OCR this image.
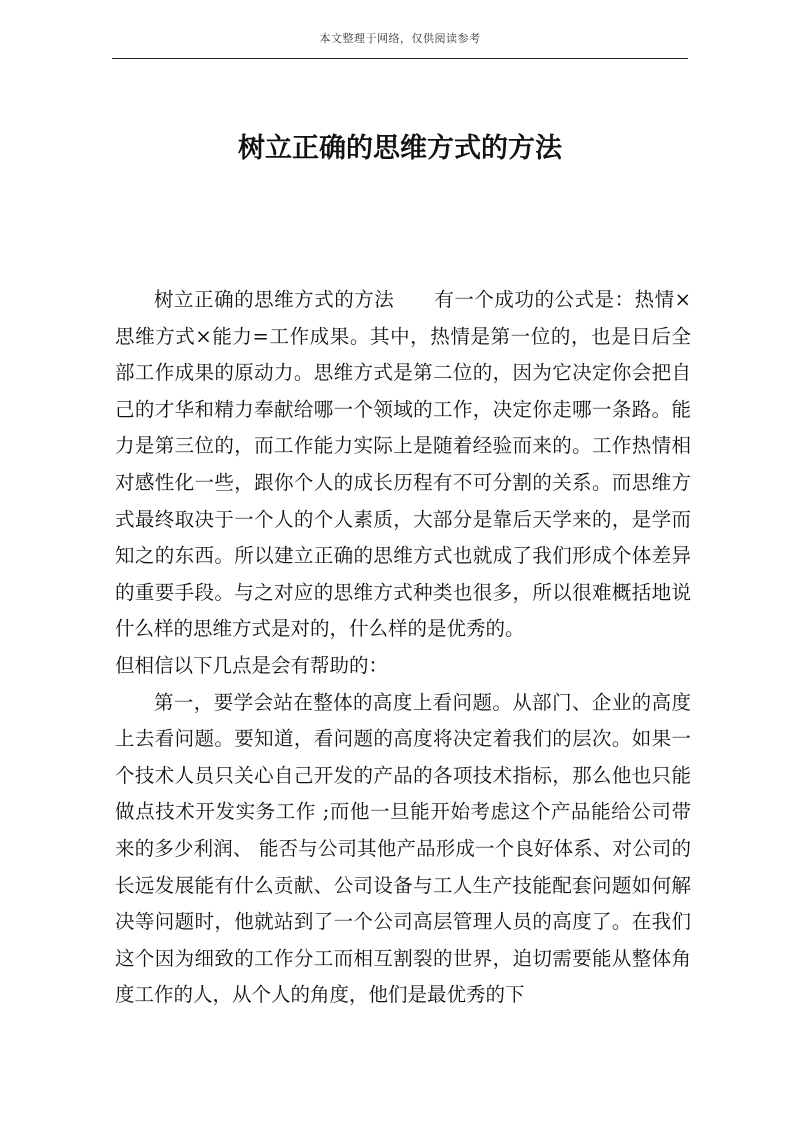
本文整理于网络，仅供阅读参考
树立正确的思维方式的方法

树立正确的思维方式的方法　　有一个成功的公式是：热情×思维方式×能力=工作成果。其中，热情是第一位的，也是日后全部工作成果的原动力。思维方式是第二位的，因为它决定你会把自己的才华和精力奉献给哪一个领域的工作，决定你走哪一条路。能力是第三位的，而工作能力实际上是随着经验而来的。工作热情相对感性化一些，跟你个人的成长历程有不可分割的关系。而思维方式最终取决于一个人的个人素质，大部分是靠后天学来的，是学而知之的东西。所以建立正确的思维方式也就成了我们形成个体差异的重要手段。与之对应的思维方式种类也很多，所以很难概括地说什么样的思维方式是对的，什么样的是优秀的。

但相信以下几点是会有帮助的：

第一，要学会站在整体的高度上看问题。从部门、企业的高度上去看问题。要知道，看问题的高度将决定着我们的层次。如果一个技术人员只关心自己开发的产品的各项技术指标，那么他也只能做点技术开发实务工作 ;而他一旦能开始考虑这个产品能给公司带来的多少利润、 能否与公司其他产品形成一个良好体系、对公司的长远发展能有什么贡献、公司设备与工人生产技能配套问题如何解决等问题时，他就站到了一个公司高层管理人员的高度了。在我们这个因为细致的工作分工而相互割裂的世界，迫切需要能从整体角度工作的人，从个人的角度，他们是最优秀的下
